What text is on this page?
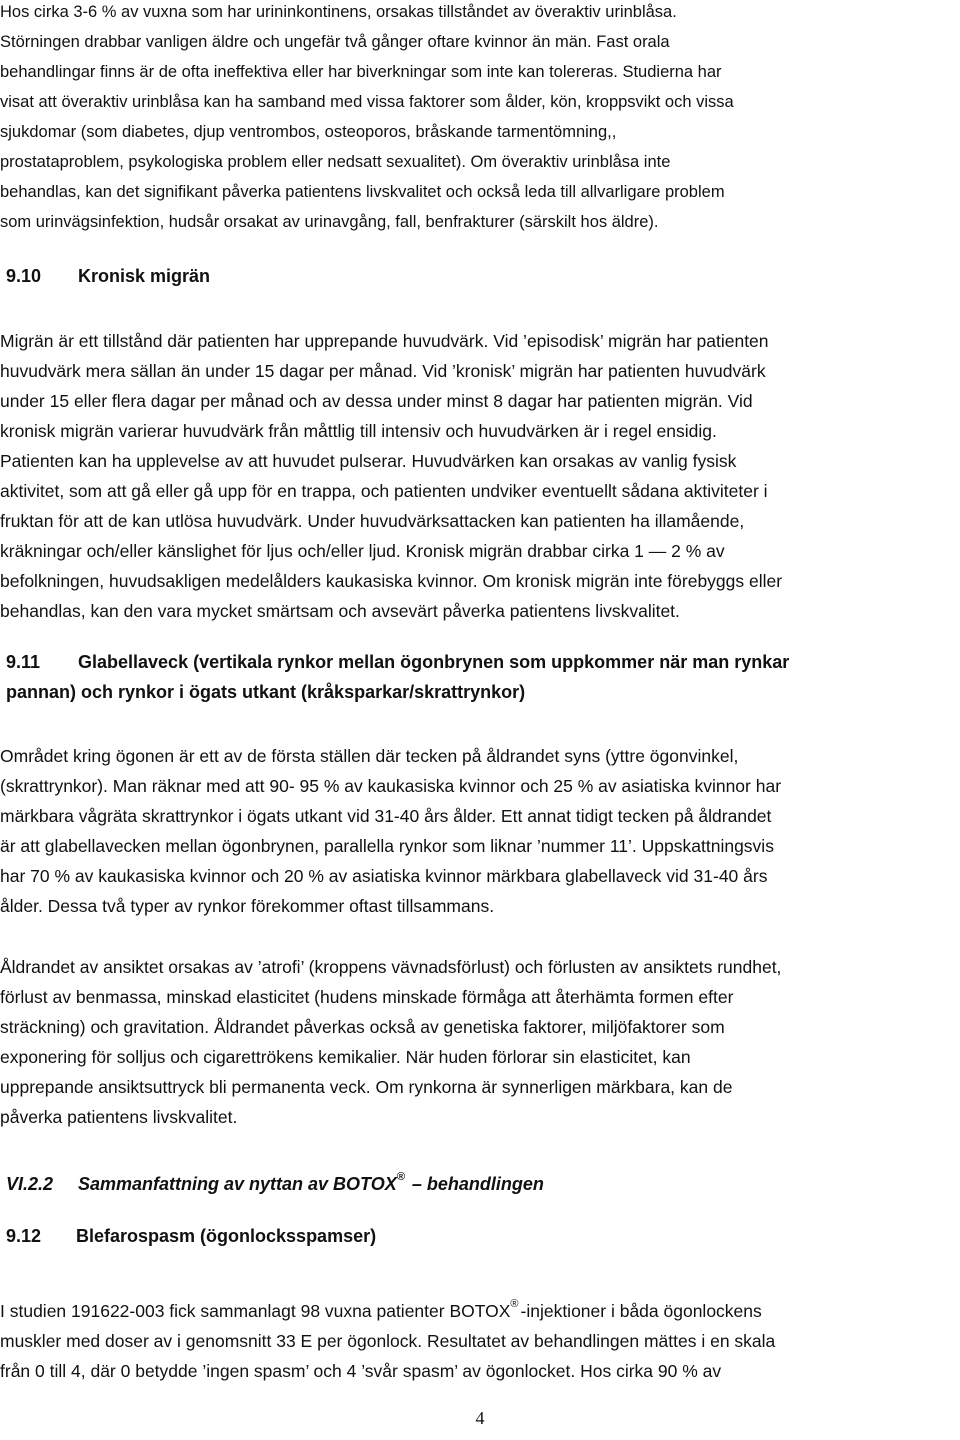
Hos cirka 3-6 % av vuxna som har urininkontinens, orsakas tillståndet av överaktiv urinblåsa.
Störningen drabbar vanligen äldre och ungefär två gånger oftare kvinnor än män. Fast orala
behandlingar finns är de ofta ineffektiva eller har biverkningar som inte kan tolereras. Studierna har
visat att överaktiv urinblåsa kan ha samband med vissa faktorer som ålder, kön, kroppsvikt och vissa
sjukdomar (som diabetes, djup ventrombos, osteoporos, bråskande tarmentömning,,
prostataproblem, psykologiska problem eller nedsatt sexualitet). Om överaktiv urinblåsa inte
behandlas, kan det signifikant påverka patientens livskvalitet och också leda till allvarligare problem
som urinvägsinfektion, hudsår orsakat av urinavgång, fall, benfrakturer (särskilt hos äldre).
9.10 Kronisk migrän
Migrän är ett tillstånd där patienten har upprepande huvudvärk. Vid ’episodisk’ migrän har patienten
huvudvärk mera sällan än under 15 dagar per månad. Vid ’kronisk’ migrän har patienten huvudvärk
under 15 eller flera dagar per månad och av dessa under minst 8 dagar har patienten migrän. Vid
kronisk migrän varierar huvudvärk från måttlig till intensiv och huvudvärken är i regel ensidig.
Patienten kan ha upplevelse av att huvudet pulserar. Huvudvärken kan orsakas av vanlig fysisk
aktivitet, som att gå eller gå upp för en trappa, och patienten undviker eventuellt sådana aktiviteter i
fruktan för att de kan utlösa huvudvärk. Under huvudvärksattacken kan patienten ha illamående,
kräkningar och/eller känslighet för ljus och/eller ljud. Kronisk migrän drabbar cirka 1 — 2 % av
befolkningen, huvudsakligen medelålders kaukasiska kvinnor. Om kronisk migrän inte förebyggs eller
behandlas, kan den vara mycket smärtsam och avsevärt påverka patientens livskvalitet.
9.11 Glabellaveck (vertikala rynkor mellan ögonbrynen som uppkommer när man rynkar
pannan) och rynkor i ögats utkant (kråksparkar/skrattrynkor)
Området kring ögonen är ett av de första ställen där tecken på åldrandet syns (yttre ögonvinkel,
(skrattrynkor). Man räknar med att 90- 95 % av kaukasiska kvinnor och 25 % av asiatiska kvinnor har
märkbara vågräta skrattrynkor i ögats utkant vid 31-40 års ålder. Ett annat tidigt tecken på åldrandet
är att glabellavecken mellan ögonbrynen, parallella rynkor som liknar ’nummer 11’. Uppskattningsvis
har 70 % av kaukasiska kvinnor och 20 % av asiatiska kvinnor märkbara glabellaveck vid 31-40 års
ålder. Dessa två typer av rynkor förekommer oftast tillsammans.
Åldrandet av ansiktet orsakas av ’atrofi’ (kroppens vävnadsförlust) och förlusten av ansiktets rundhet,
förlust av benmassa, minskad elasticitet (hudens minskade förmåga att återhämta formen efter
sträckning) och gravitation. Åldrandet påverkas också av genetiska faktorer, miljöfaktorer som
exponering för solljus och cigarettrökens kemikalier. När huden förlorar sin elasticitet, kan
upprepande ansiktsuttryck bli permanenta veck. Om rynkorna är synnerligen märkbara, kan de
påverka patientens livskvalitet.
VI.2.2 Sammanfattning av nyttan av BOTOX® – behandlingen
9.12 Blefarospasm (ögonlocksspamser)
I studien 191622-003 fick sammanlagt 98 vuxna patienter BOTOX® -injektioner i båda ögonlockens
muskler med doser av i genomsnitt 33 E per ögonlock. Resultatet av behandlingen mättes i en skala
från 0 till 4, där 0 betydde ’ingen spasm’ och 4 ’svår spasm’ av ögonlocket. Hos cirka 90 % av
4
